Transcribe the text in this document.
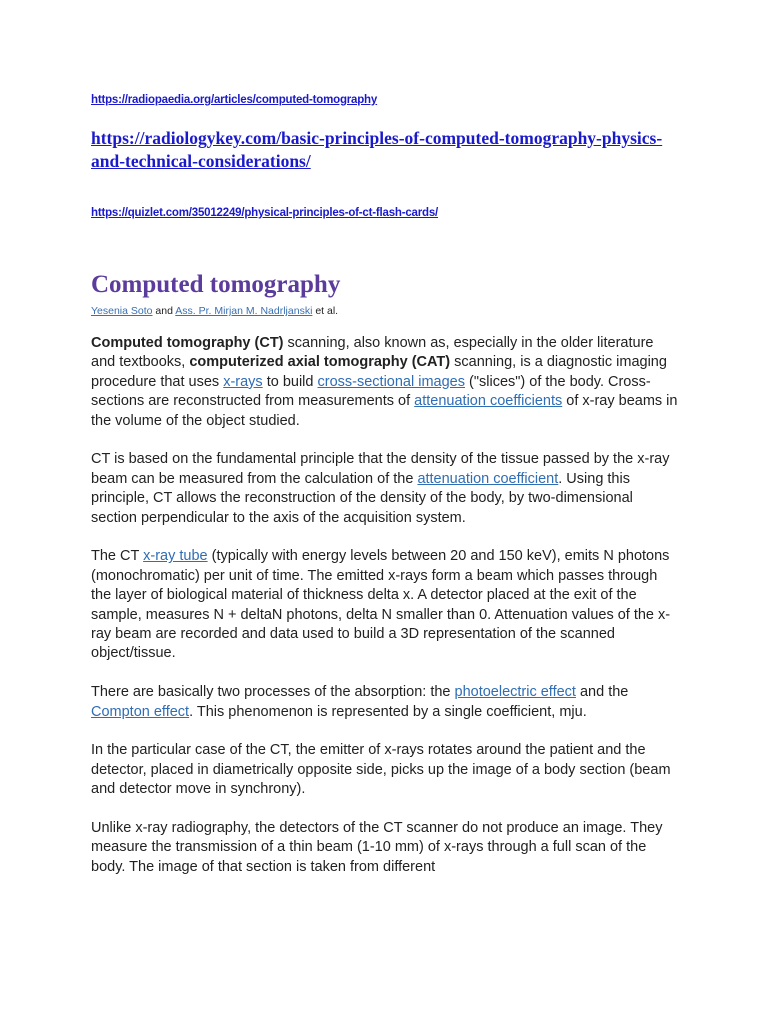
https://radiopaedia.org/articles/computed-tomography
https://radiologykey.com/basic-principles-of-computed-tomography-physics-and-technical-considerations/
https://quizlet.com/35012249/physical-principles-of-ct-flash-cards/
Computed tomography
Yesenia Soto and Ass. Pr. Mirjan M. Nadrljanski et al.

Computed tomography (CT) scanning, also known as, especially in the older literature and textbooks, computerized axial tomography (CAT) scanning, is a diagnostic imaging procedure that uses x-rays to build cross-sectional images ("slices") of the body. Cross-sections are reconstructed from measurements of attenuation coefficients of x-ray beams in the volume of the object studied.

CT is based on the fundamental principle that the density of the tissue passed by the x-ray beam can be measured from the calculation of the attenuation coefficient. Using this principle, CT allows the reconstruction of the density of the body, by two-dimensional section perpendicular to the axis of the acquisition system.

The CT x-ray tube (typically with energy levels between 20 and 150 keV), emits N photons (monochromatic) per unit of time. The emitted x-rays form a beam which passes through the layer of biological material of thickness delta x. A detector placed at the exit of the sample, measures N + deltaN photons, delta N smaller than 0. Attenuation values of the x-ray beam are recorded and data used to build a 3D representation of the scanned object/tissue.

There are basically two processes of the absorption: the photoelectric effect and the Compton effect. This phenomenon is represented by a single coefficient, mju.

In the particular case of the CT, the emitter of x-rays rotates around the patient and the detector, placed in diametrically opposite side, picks up the image of a body section (beam and detector move in synchrony).

Unlike x-ray radiography, the detectors of the CT scanner do not produce an image. They measure the transmission of a thin beam (1-10 mm) of x-rays through a full scan of the body. The image of that section is taken from different
